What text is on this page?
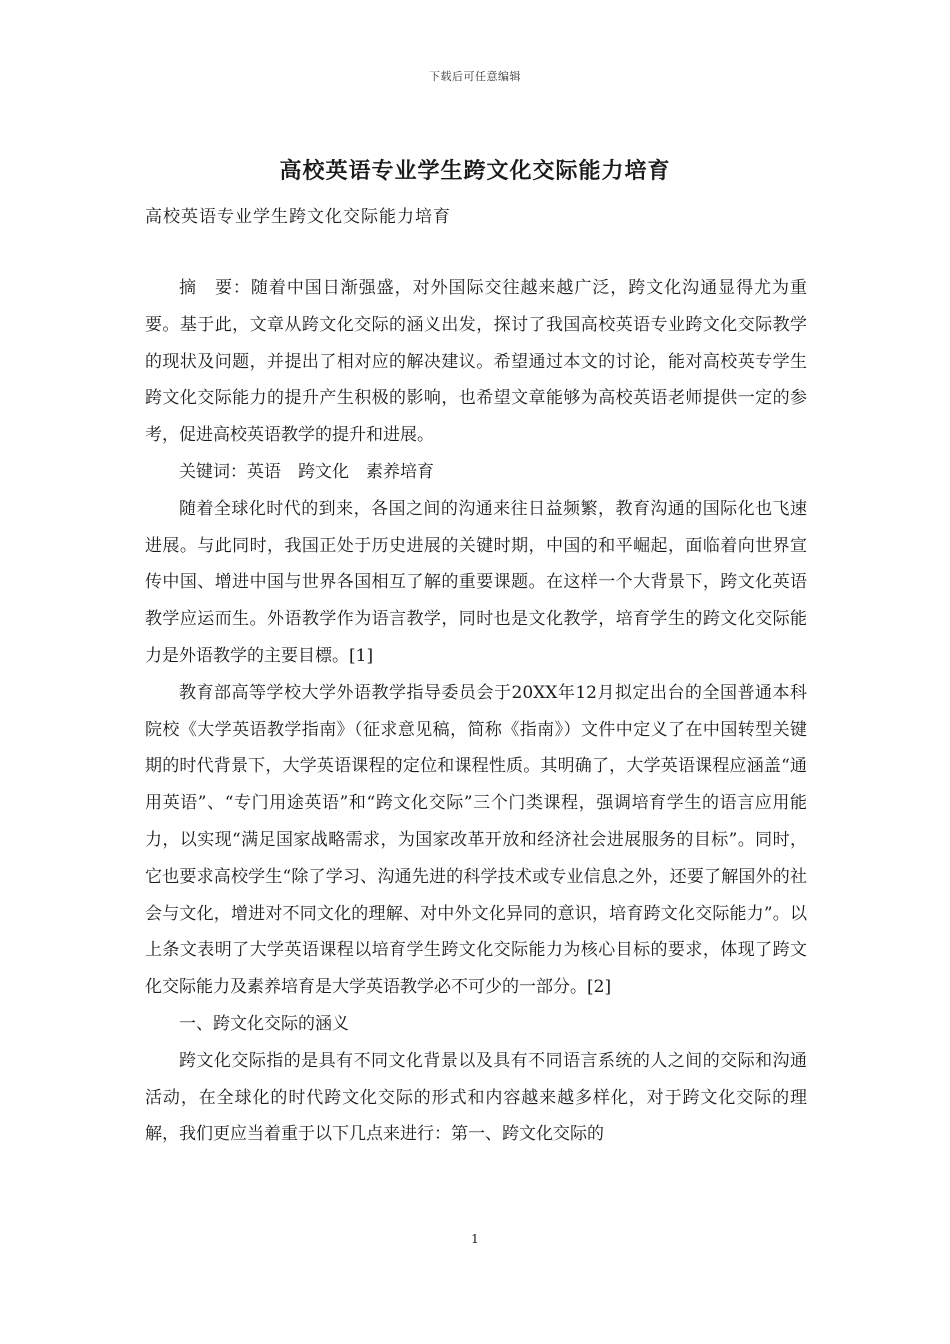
下载后可任意编辑
高校英语专业学生跨文化交际能力培育
高校英语专业学生跨文化交际能力培育

摘　要：随着中国日渐强盛，对外国际交往越来越广泛，跨文化沟通显得尤为重要。基于此，文章从跨文化交际的涵义出发，探讨了我国高校英语专业跨文化交际教学的现状及问题，并提出了相对应的解决建议。希望通过本文的讨论，能对高校英专学生跨文化交际能力的提升产生积极的影响，也希望文章能够为高校英语老师提供一定的参考，促进高校英语教学的提升和进展。

关键词：英语　跨文化　素养培育

随着全球化时代的到来，各国之间的沟通来往日益频繁，教育沟通的国际化也飞速进展。与此同时，我国正处于历史进展的关键时期，中国的和平崛起，面临着向世界宣传中国、增进中国与世界各国相互了解的重要课题。在这样一个大背景下，跨文化英语教学应运而生。外语教学作为语言教学，同时也是文化教学，培育学生的跨文化交际能力是外语教学的主要目標。[1]

教育部高等学校大学外语教学指导委员会于20XX年12月拟定出台的全国普通本科院校《大学英语教学指南》（征求意见稿，简称《指南》）文件中定义了在中国转型关键期的时代背景下，大学英语课程的定位和课程性质。其明确了，大学英语课程应涵盖“通用英语”、“专门用途英语”和“跨文化交际”三个门类课程，强调培育学生的语言应用能力，以实现“满足国家战略需求，为国家改革开放和经济社会进展服务的目标”。同时，它也要求高校学生“除了学习、沟通先进的科学技术或专业信息之外，还要了解国外的社会与文化，增进对不同文化的理解、对中外文化异同的意识，培育跨文化交际能力”。以上条文表明了大学英语课程以培育学生跨文化交际能力为核心目标的要求，体现了跨文化交际能力及素养培育是大学英语教学必不可少的一部分。[2]

一、跨文化交际的涵义

跨文化交际指的是具有不同文化背景以及具有不同语言系统的人之间的交际和沟通活动，在全球化的时代跨文化交际的形式和内容越来越多样化，对于跨文化交际的理解，我们更应当着重于以下几点来进行：第一、跨文化交际的

1
